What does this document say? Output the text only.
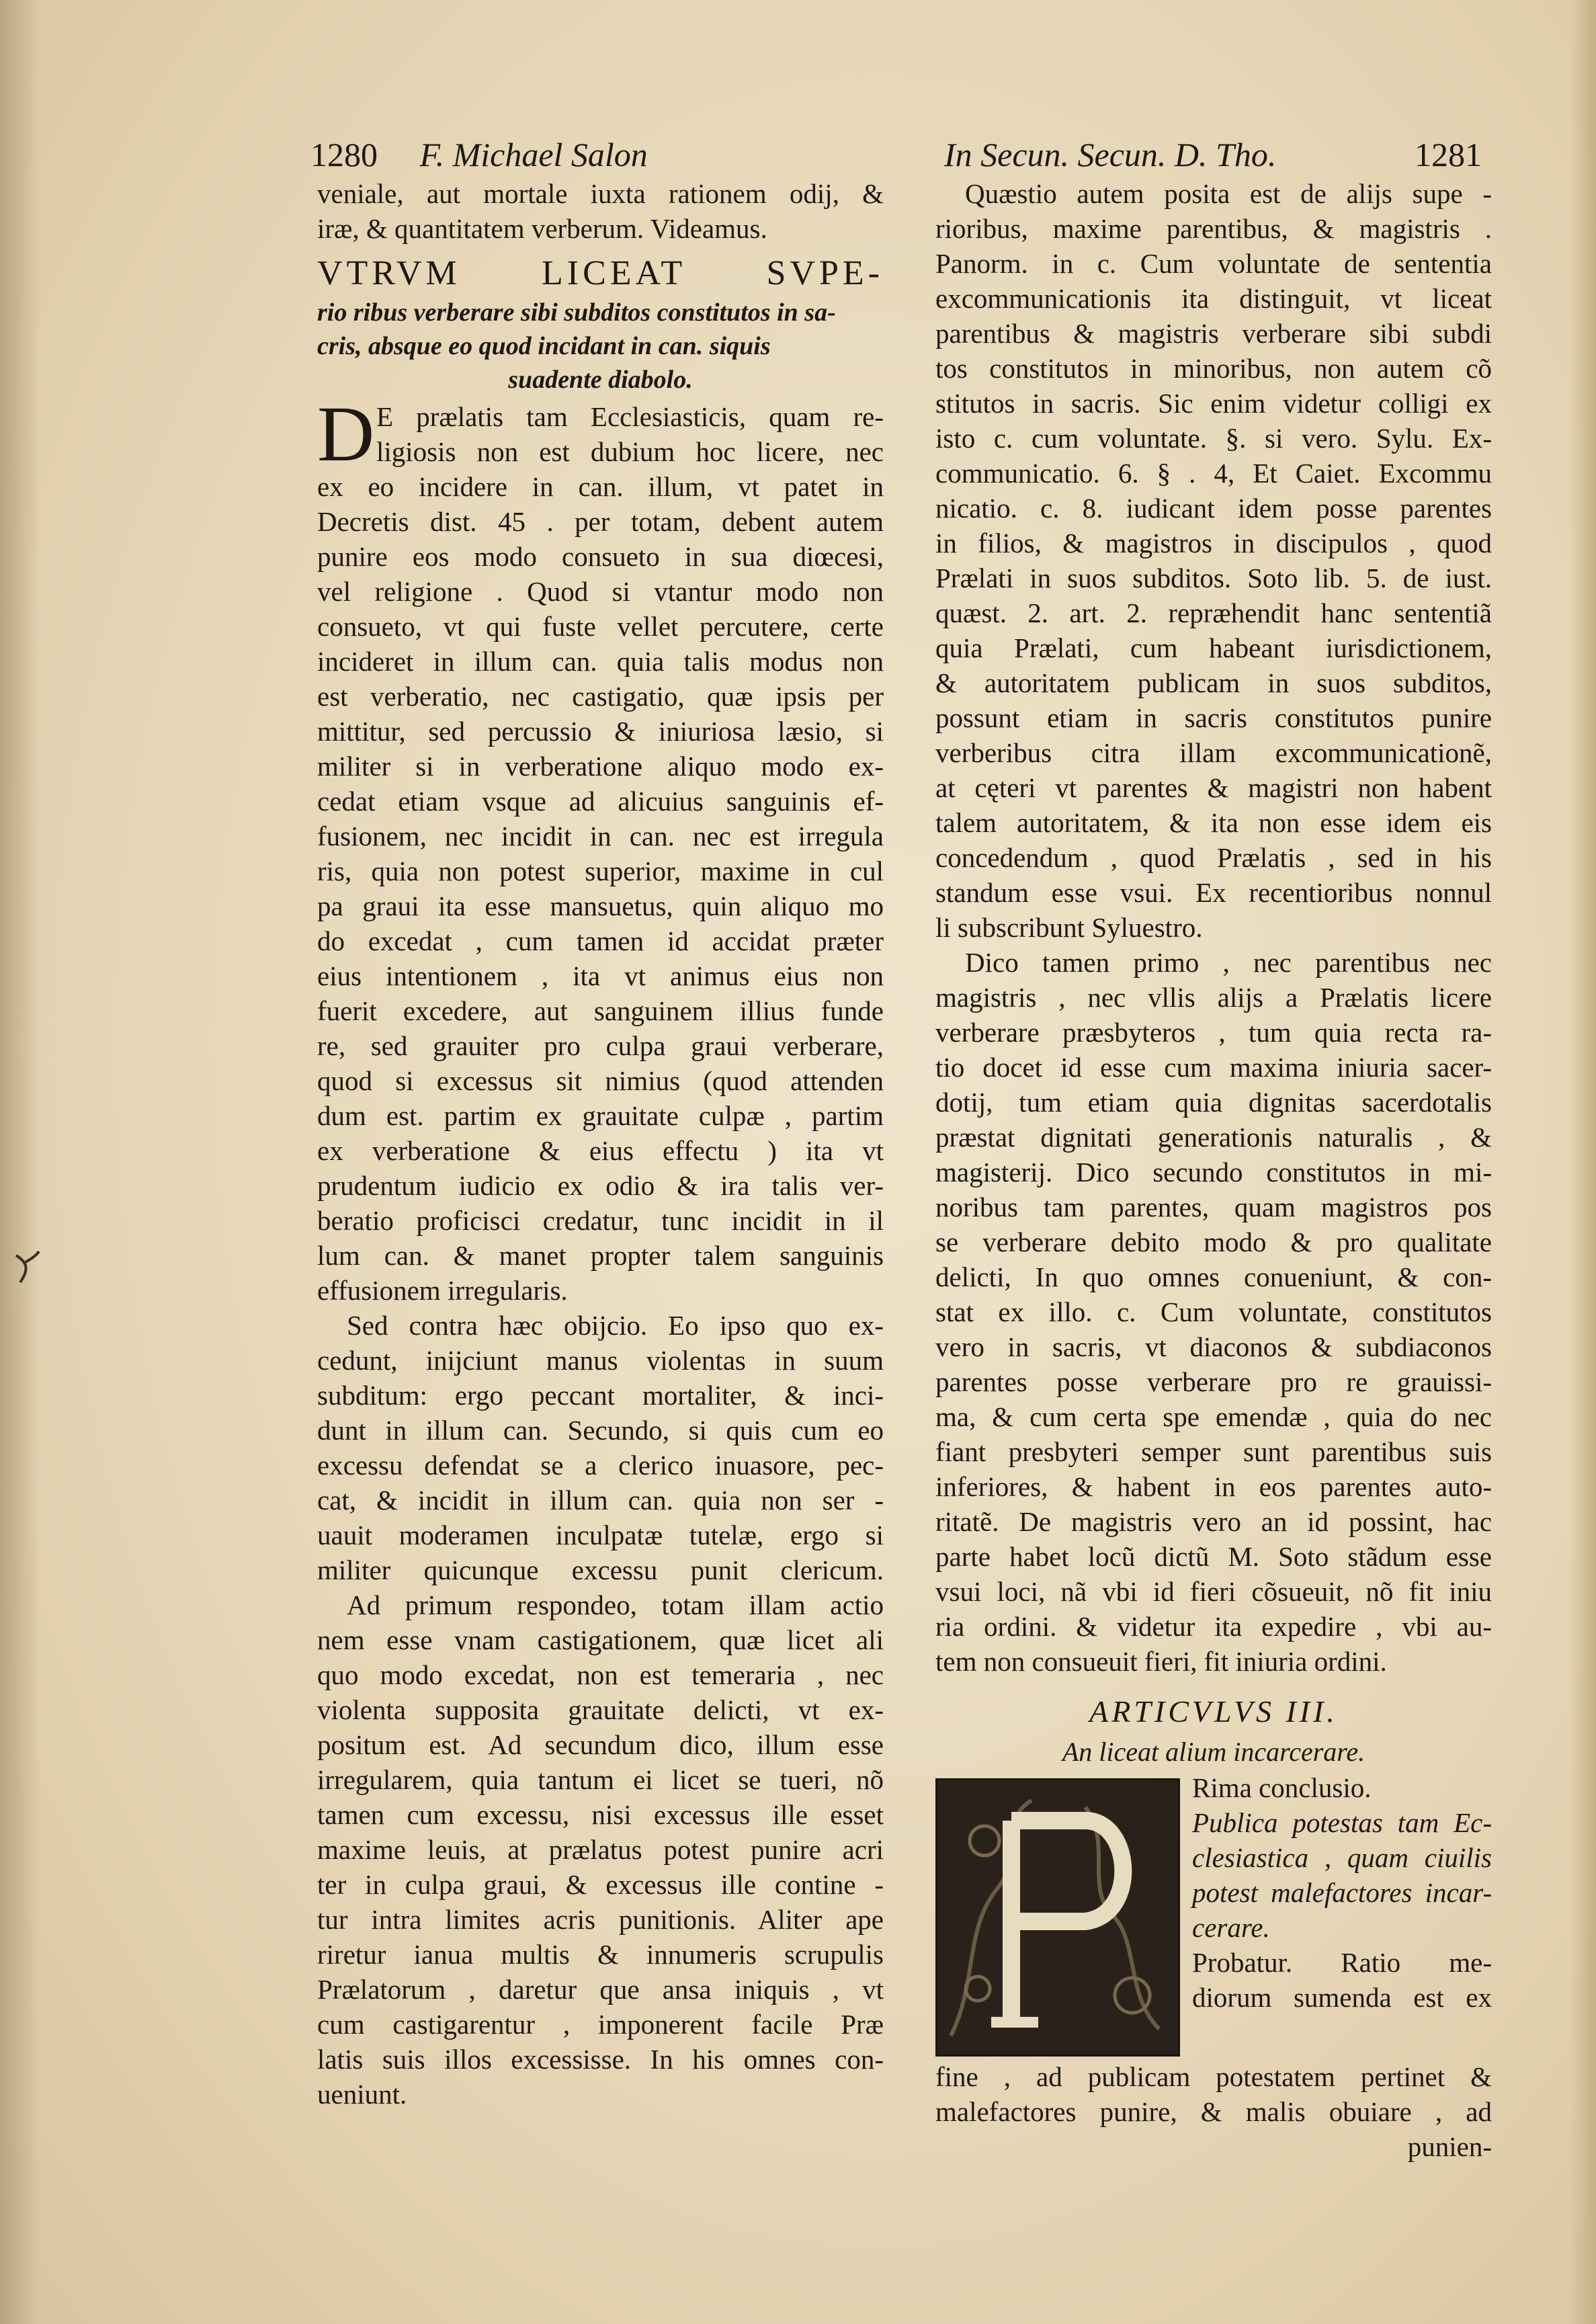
1280 F. Michael Salon	In Secun. Secun. D. Tho.	1281

veniale, aut mortale iuxta rationem odij, &
iræ, & quantitatem verberum. Videamus.

VTRVM LICEAT SVPE-
rio ribus verberare sibi subditos constitutos in sa-
cris, absque eo quod incidant in can. siquis
suadente diabolo.

D E prælatis tam Ecclesiasticis, quam re-
ligiosis non est dubium hoc licere, nec
ex eo incidere in can. illum, vt patet in
Decretis dist. 45 . per totam, debent autem
punire eos modo consueto in sua diœcesi,
vel religione . Quod si vtantur modo non
consueto, vt qui fuste vellet percutere, certe
incideret in illum can. quia talis modus non
est verberatio, nec castigatio, quæ ipsis per
mittitur, sed percussio & iniuriosa læsio, si
militer si in verberatione aliquo modo ex-
cedat etiam vsque ad alicuius sanguinis ef-
fusionem, nec incidit in can. nec est irregula
ris, quia non potest superior, maxime in cul
pa graui ita esse mansuetus, quin aliquo mo
do excedat , cum tamen id accidat præter
eius intentionem , ita vt animus eius non
fuerit excedere, aut sanguinem illius funde
re, sed grauiter pro culpa graui verberare,
quod si excessus sit nimius (quod attenden
dum est. partim ex grauitate culpæ , partim
ex verberatione & eius effectu ) ita vt
prudentum iudicio ex odio & ira talis ver-
beratio proficisci credatur, tunc incidit in il
lum can. & manet propter talem sanguinis
effusionem irregularis.

Sed contra hæc obijcio. Eo ipso quo ex-
cedunt, inijciunt manus violentas in suum
subditum: ergo peccant mortaliter, & inci-
dunt in illum can. Secundo, si quis cum eo
excessu defendat se a clerico inuasore, pec-
cat, & incidit in illum can. quia non ser -
uauit moderamen inculpatæ tutelæ, ergo si
militer quicunque excessu punit clericum.

Ad primum respondeo, totam illam actio
nem esse vnam castigationem, quæ licet ali
quo modo excedat, non est temeraria , nec
violenta supposita grauitate delicti, vt ex-
positum est. Ad secundum dico, illum esse
irregularem, quia tantum ei licet se tueri, nõ
tamen cum excessu, nisi excessus ille esset
maxime leuis, at prælatus potest punire acri
ter in culpa graui, & excessus ille contine -
tur intra limites acris punitionis. Aliter ape
riretur ianua multis & innumeris scrupulis
Prælatorum , daretur que ansa iniquis , vt
cum castigarentur , imponerent facile Præ
latis suis illos excessisse. In his omnes con-
ueniunt.

Quæstio autem posita est de alijs supe -
rioribus, maxime parentibus, & magistris .
Panorm. in c. Cum voluntate de sententia
excommunicationis ita distinguit, vt liceat
parentibus & magistris verberare sibi subdi
tos constitutos in minoribus, non autem cõ
stitutos in sacris. Sic enim videtur colligi ex
isto c. cum voluntate. §. si vero. Sylu. Ex-
communicatio. 6. § . 4, Et Caiet. Excommu
nicatio. c. 8. iudicant idem posse parentes
in filios, & magistros in discipulos , quod
Prælati in suos subditos. Soto lib. 5. de iust.
quæst. 2. art. 2. repræhendit hanc sententiã
quia Prælati, cum habeant iurisdictionem,
& autoritatem publicam in suos subditos,
possunt etiam in sacris constitutos punire
verberibus citra illam excommunicationẽ,
at cęteri vt parentes & magistri non habent
talem autoritatem, & ita non esse idem eis
concedendum , quod Prælatis , sed in his
standum esse vsui. Ex recentioribus nonnul
li subscribunt Syluestro.

Dico tamen primo , nec parentibus nec
magistris , nec vllis alijs a Prælatis licere
verberare præsbyteros , tum quia recta ra-
tio docet id esse cum maxima iniuria sacer-
dotij, tum etiam quia dignitas sacerdotalis
præstat dignitati generationis naturalis , &
magisterij. Dico secundo constitutos in mi-
noribus tam parentes, quam magistros pos
se verberare debito modo & pro qualitate
delicti, In quo omnes conueniunt, & con-
stat ex illo. c. Cum voluntate, constitutos
vero in sacris, vt diaconos & subdiaconos
parentes posse verberare pro re grauissi-
ma, & cum certa spe emendæ , quia do nec
fiant presbyteri semper sunt parentibus suis
inferiores, & habent in eos parentes auto-
ritatẽ. De magistris vero an id possint, hac
parte habet locũ dictũ M. Soto stãdum esse
vsui loci, nã vbi id fieri cõsueuit, nõ fit iniu
ria ordini. & videtur ita expedire , vbi au-
tem non consueuit fieri, fit iniuria ordini.

ARTICVLVS III.
An liceat alium incarcerare.
Rima conclusio.
Publica potestas tam Ec-
clesiastica , quam ciuilis
potest malefactores incar-
cerare.
Probatur. Ratio me-
diorum sumenda est ex
fine , ad publicam potestatem pertinet &
malefactores punire, & malis obuiare , ad
punien-
